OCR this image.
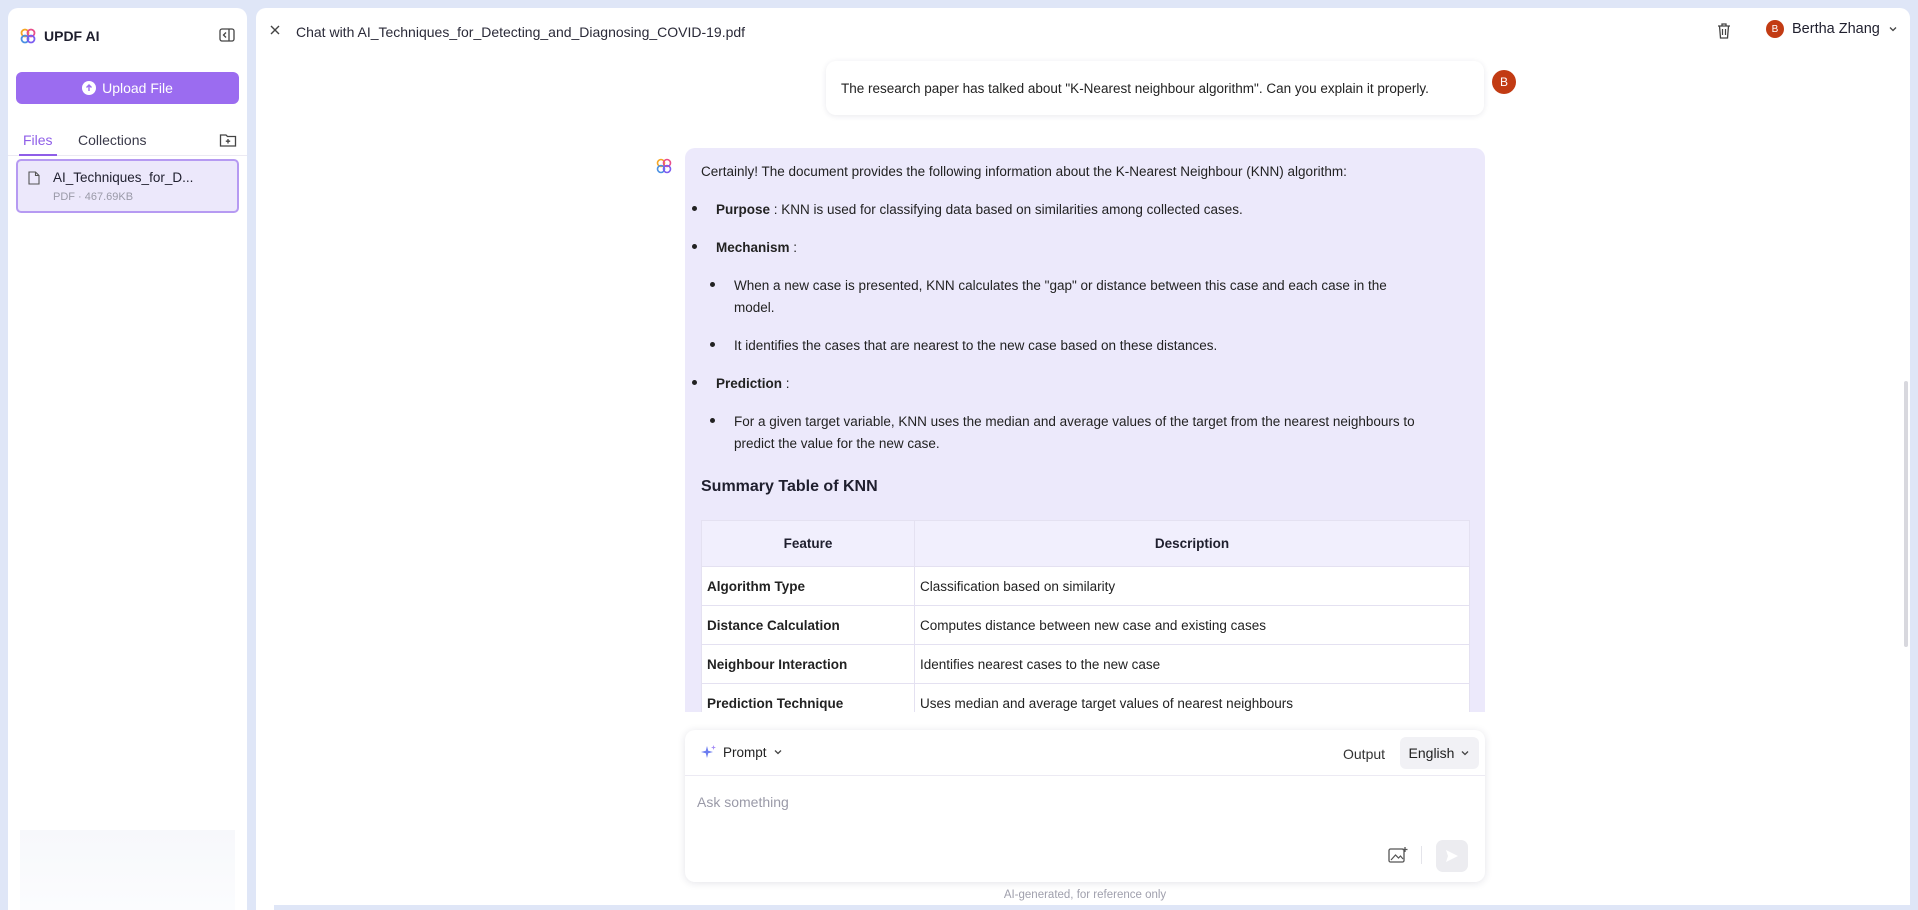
UPDF AI
Upload File
Files Collections
AI_Techniques_for_D...
PDF · 467.69KB
Chat with AI_Techniques_for_Detecting_and_Diagnosing_COVID-19.pdf	B Bertha Zhang
The research paper has talked about "K-Nearest neighbour algorithm". Can you explain it properly.	B
Certainly! The document provides the following information about the K-Nearest Neighbour (KNN) algorithm:
Purpose : KNN is used for classifying data based on similarities among collected cases.
Mechanism :
When a new case is presented, KNN calculates the "gap" or distance between this case and each case in the
model.
It identifies the cases that are nearest to the new case based on these distances.
Prediction :
For a given target variable, KNN uses the median and average values of the target from the nearest neighbours to
predict the value for the new case.
Summary Table of KNN
Feature	Description
Algorithm Type	Classification based on similarity
Distance Calculation	Computes distance between new case and existing cases
Neighbour Interaction	Identifies nearest cases to the new case
Prediction Technique	Uses median and average target values of nearest neighbours
Prompt	Output English
Ask something
AI-generated, for reference only
